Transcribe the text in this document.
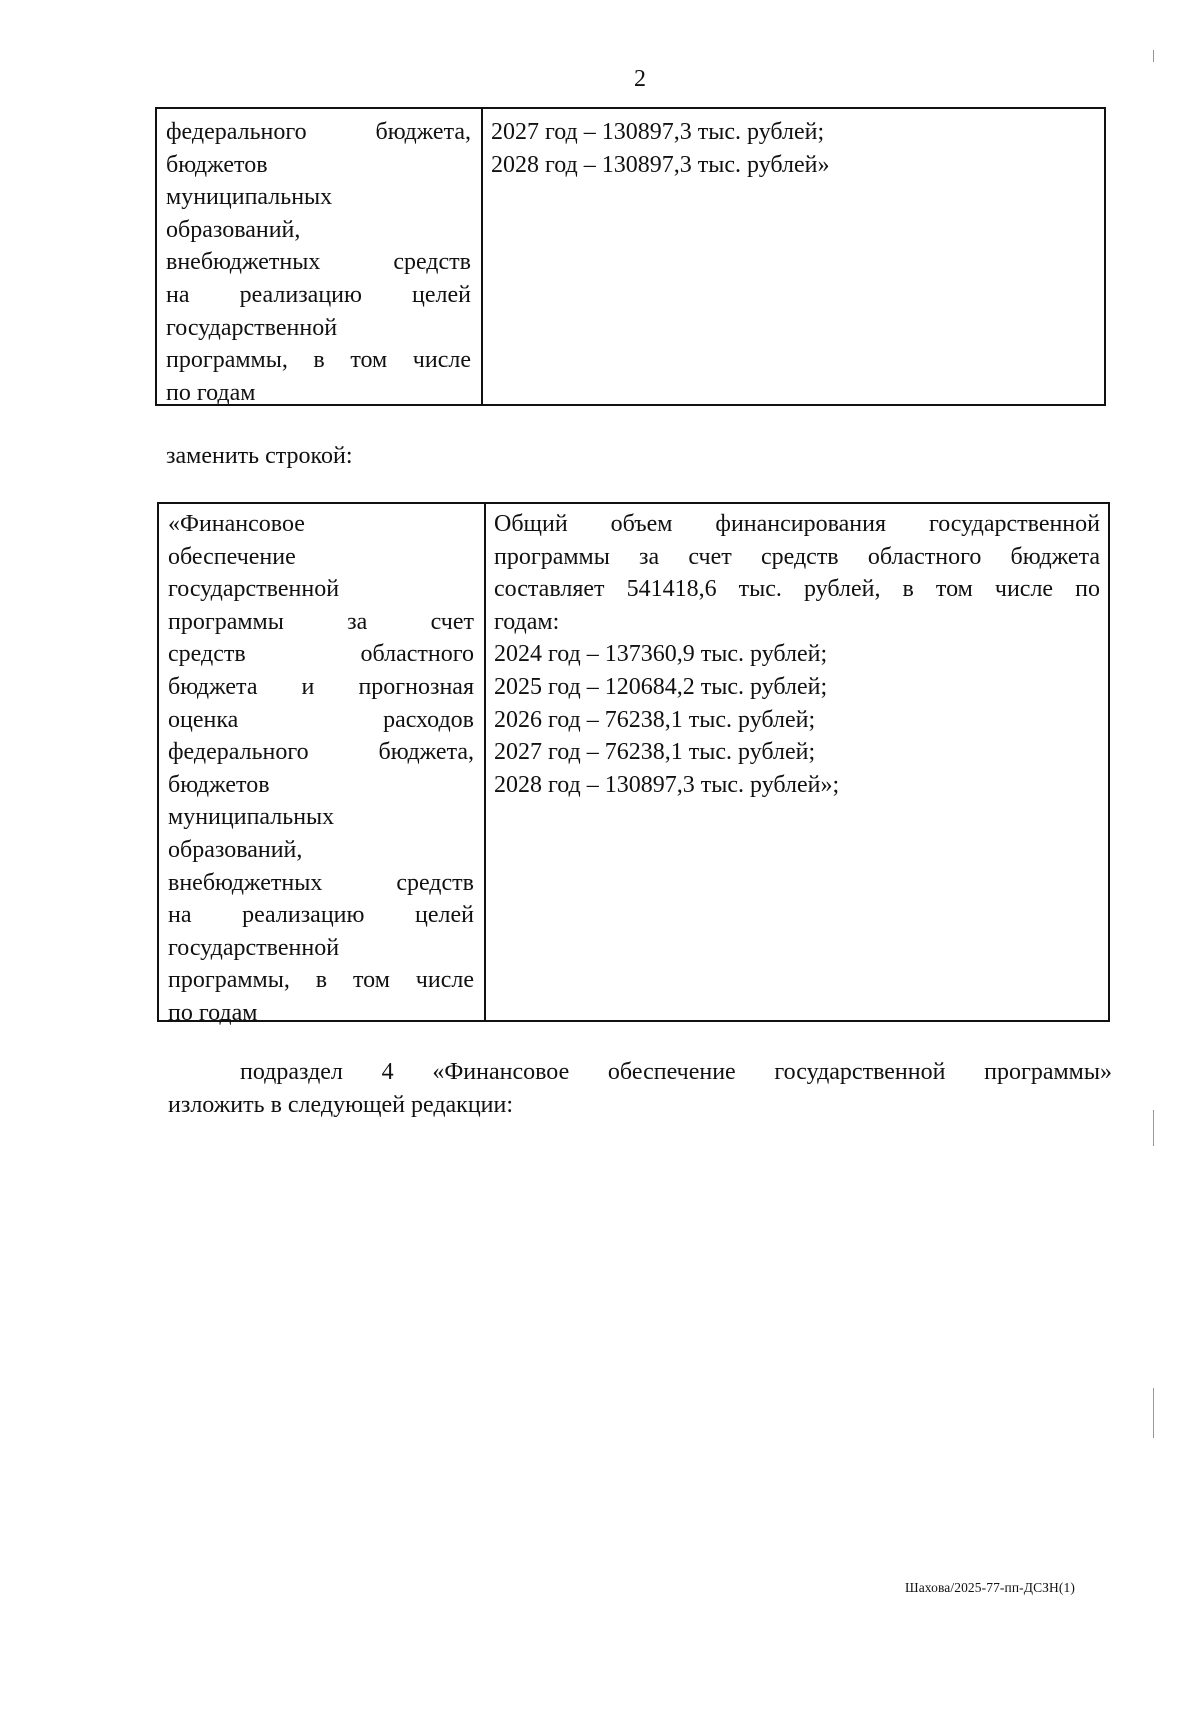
2
федерального бюджета,
бюджетов
муниципальных
образований,
внебюджетных средств
на реализацию целей
государственной
программы, в том числе
по годам
2027 год – 130897,3 тыс. рублей;
2028 год – 130897,3 тыс. рублей»
заменить строкой:
«Финансовое
обеспечение
государственной
программы за счет
средств областного
бюджета и прогнозная
оценка расходов
федерального бюджета,
бюджетов
муниципальных
образований,
внебюджетных средств
на реализацию целей
государственной
программы, в том числе
по годам
Общий объем финансирования государственной
программы за счет средств областного бюджета
составляет 541418,6 тыс. рублей, в том числе по
годам:
2024 год – 137360,9 тыс. рублей;
2025 год – 120684,2 тыс. рублей;
2026 год – 76238,1 тыс. рублей;
2027 год – 76238,1 тыс. рублей;
2028 год – 130897,3 тыс. рублей»;
подраздел 4 «Финансовое обеспечение государственной программы»
изложить в следующей редакции:
Шахова/2025-77-пп-ДСЗН(1)
